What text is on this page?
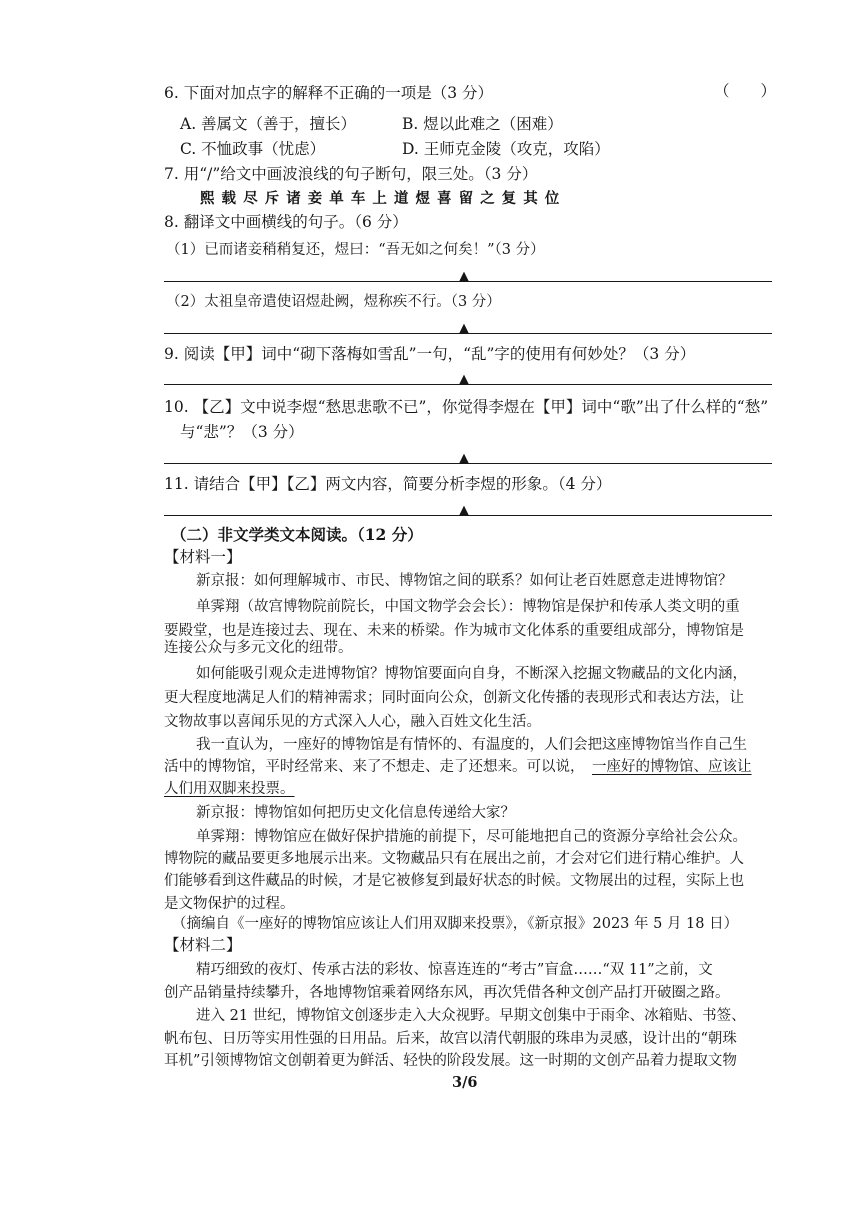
6. 下面对加点字的解释不正确的一项是（3 分）	（　　）
A. 善属文（善于，擅长）	B. 煜以此难之（困难）
C. 不恤政事（忧虑）	D. 王师克金陵（攻克，攻陷）
7. 用“/”给文中画波浪线的句子断句，限三处。（3 分）
熙 载 尽 斥 诸 妾 单 车 上 道 煜 喜 留 之 复 其 位
8. 翻译文中画横线的句子。（6 分）
（1）已而诸妾稍稍复还，煜曰：“吾无如之何矣！”（3 分）
▲
（2）太祖皇帝遣使诏煜赴阙，煜称疾不行。（3 分）
▲
9. 阅读【甲】词中“砌下落梅如雪乱”一句，“乱”字的使用有何妙处？（3 分）
▲
10. 【乙】文中说李煜“愁思悲歌不已”，你觉得李煜在【甲】词中“歌”出了什么样的“愁”
与“悲”？（3 分）
▲
11. 请结合【甲】【乙】两文内容，简要分析李煜的形象。（4 分）
▲
（二）非文学类文本阅读。（12 分）
【材料一】
新京报：如何理解城市、市民、博物馆之间的联系？如何让老百姓愿意走进博物馆？
单霁翔（故宫博物院前院长，中国文物学会会长）：博物馆是保护和传承人类文明的重
要殿堂，也是连接过去、现在、未来的桥梁。作为城市文化体系的重要组成部分，博物馆是
连接公众与多元文化的纽带。
如何能吸引观众走进博物馆？博物馆要面向自身，不断深入挖掘文物藏品的文化内涵，
更大程度地满足人们的精神需求；同时面向公众，创新文化传播的表现形式和表达方法，让
文物故事以喜闻乐见的方式深入人心，融入百姓文化生活。
我一直认为，一座好的博物馆是有情怀的、有温度的，人们会把这座博物馆当作自己生
活中的博物馆，平时经常来、来了不想走、走了还想来。可以说， 一座好的博物馆、应该让
人们用双脚来投票。
新京报：博物馆如何把历史文化信息传递给大家？
单霁翔：博物馆应在做好保护措施的前提下，尽可能地把自己的资源分享给社会公众。
博物院的藏品要更多地展示出来。文物藏品只有在展出之前，才会对它们进行精心维护。人
们能够看到这件藏品的时候，才是它被修复到最好状态的时候。文物展出的过程，实际上也
是文物保护的过程。
（摘编自《一座好的博物馆应该让人们用双脚来投票》，《新京报》2023 年 5 月 18 日）
【材料二】
精巧细致的夜灯、传承古法的彩妆、惊喜连连的“考古”盲盒……“双 11”之前，文
创产品销量持续攀升，各地博物馆乘着网络东风，再次凭借各种文创产品打开破圈之路。
进入 21 世纪，博物馆文创逐步走入大众视野。早期文创集中于雨伞、冰箱贴、书签、
帆布包、日历等实用性强的日用品。后来，故宫以清代朝服的珠串为灵感，设计出的“朝珠
耳机”引领博物馆文创朝着更为鲜活、轻快的阶段发展。这一时期的文创产品着力提取文物
3/6
